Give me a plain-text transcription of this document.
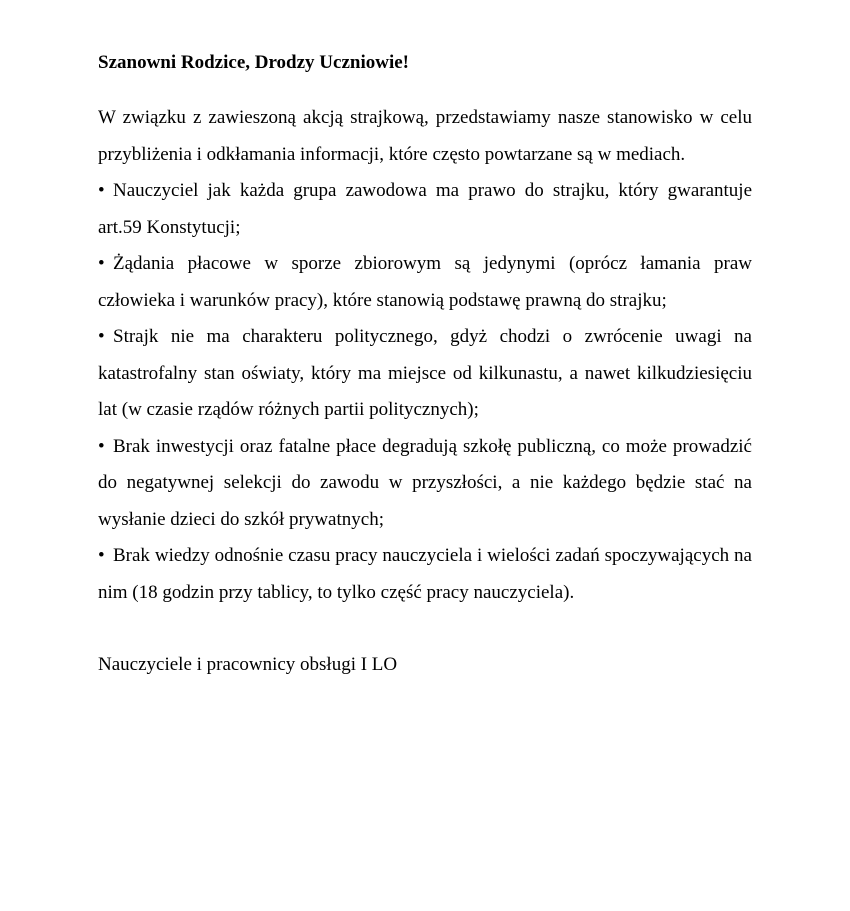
Szanowni Rodzice, Drodzy Uczniowie!

W związku z zawieszoną akcją strajkową, przedstawiamy nasze stanowisko w celu przybliżenia i odkłamania informacji, które często powtarzane są w mediach.

• Nauczyciel jak każda grupa zawodowa ma prawo do strajku, który gwarantuje art.59 Konstytucji;

• Żądania płacowe w sporze zbiorowym są jedynymi (oprócz łamania praw człowieka i warunków pracy), które stanowią podstawę prawną do strajku;

• Strajk nie ma charakteru politycznego, gdyż chodzi o zwrócenie uwagi na katastrofalny stan oświaty, który ma miejsce od kilkunastu, a nawet kilkudziesięciu lat (w czasie rządów różnych partii politycznych);

• Brak inwestycji oraz fatalne płace degradują szkołę publiczną, co może prowadzić do negatywnej selekcji do zawodu w przyszłości, a nie każdego będzie stać na wysłanie dzieci do szkół prywatnych;

• Brak wiedzy odnośnie czasu pracy nauczyciela i wielości zadań spoczywających na nim (18 godzin przy tablicy, to tylko część pracy nauczyciela).

Nauczyciele i pracownicy obsługi I LO
